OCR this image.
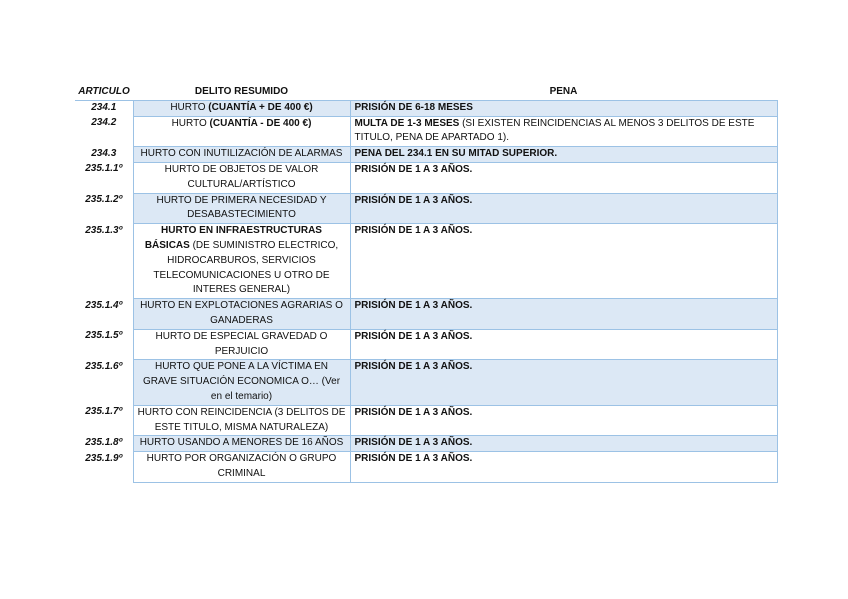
ARTICULO	DELITO RESUMIDO	PENA
234.1	HURTO (CUANTÍA + DE 400 €)	PRISIÓN DE 6-18 MESES
234.2	HURTO (CUANTÍA - DE 400 €)	MULTA DE 1-3 MESES (SI EXISTEN REINCIDENCIAS AL MENOS 3 DELITOS DE ESTE TITULO, PENA DE APARTADO 1).
234.3	HURTO CON INUTILIZACIÓN DE ALARMAS	PENA DEL 234.1 EN SU MITAD SUPERIOR.
235.1.1º	HURTO DE OBJETOS DE VALOR CULTURAL/ARTÍSTICO	PRISIÓN DE 1 A 3 AÑOS.
235.1.2º	HURTO DE PRIMERA NECESIDAD Y DESABASTECIMIENTO	PRISIÓN DE 1 A 3 AÑOS.
235.1.3º	HURTO EN INFRAESTRUCTURAS BÁSICAS (DE SUMINISTRO ELECTRICO, HIDROCARBUROS, SERVICIOS TELECOMUNICACIONES U OTRO DE INTERES GENERAL)	PRISIÓN DE 1 A 3 AÑOS.
235.1.4º	HURTO EN EXPLOTACIONES AGRARIAS O GANADERAS	PRISIÓN DE 1 A 3 AÑOS.
235.1.5º	HURTO DE ESPECIAL GRAVEDAD O PERJUICIO	PRISIÓN DE 1 A 3 AÑOS.
235.1.6º	HURTO QUE PONE A LA VÍCTIMA EN GRAVE SITUACIÓN ECONOMICA O… (Ver en el temario)	PRISIÓN DE 1 A 3 AÑOS.
235.1.7º	HURTO CON REINCIDENCIA (3 DELITOS DE ESTE TITULO, MISMA NATURALEZA)	PRISIÓN DE 1 A 3 AÑOS.
235.1.8º	HURTO USANDO A MENORES DE 16 AÑOS	PRISIÓN DE 1 A 3 AÑOS.
235.1.9º	HURTO POR ORGANIZACIÓN O GRUPO CRIMINAL	PRISIÓN DE 1 A 3 AÑOS.
